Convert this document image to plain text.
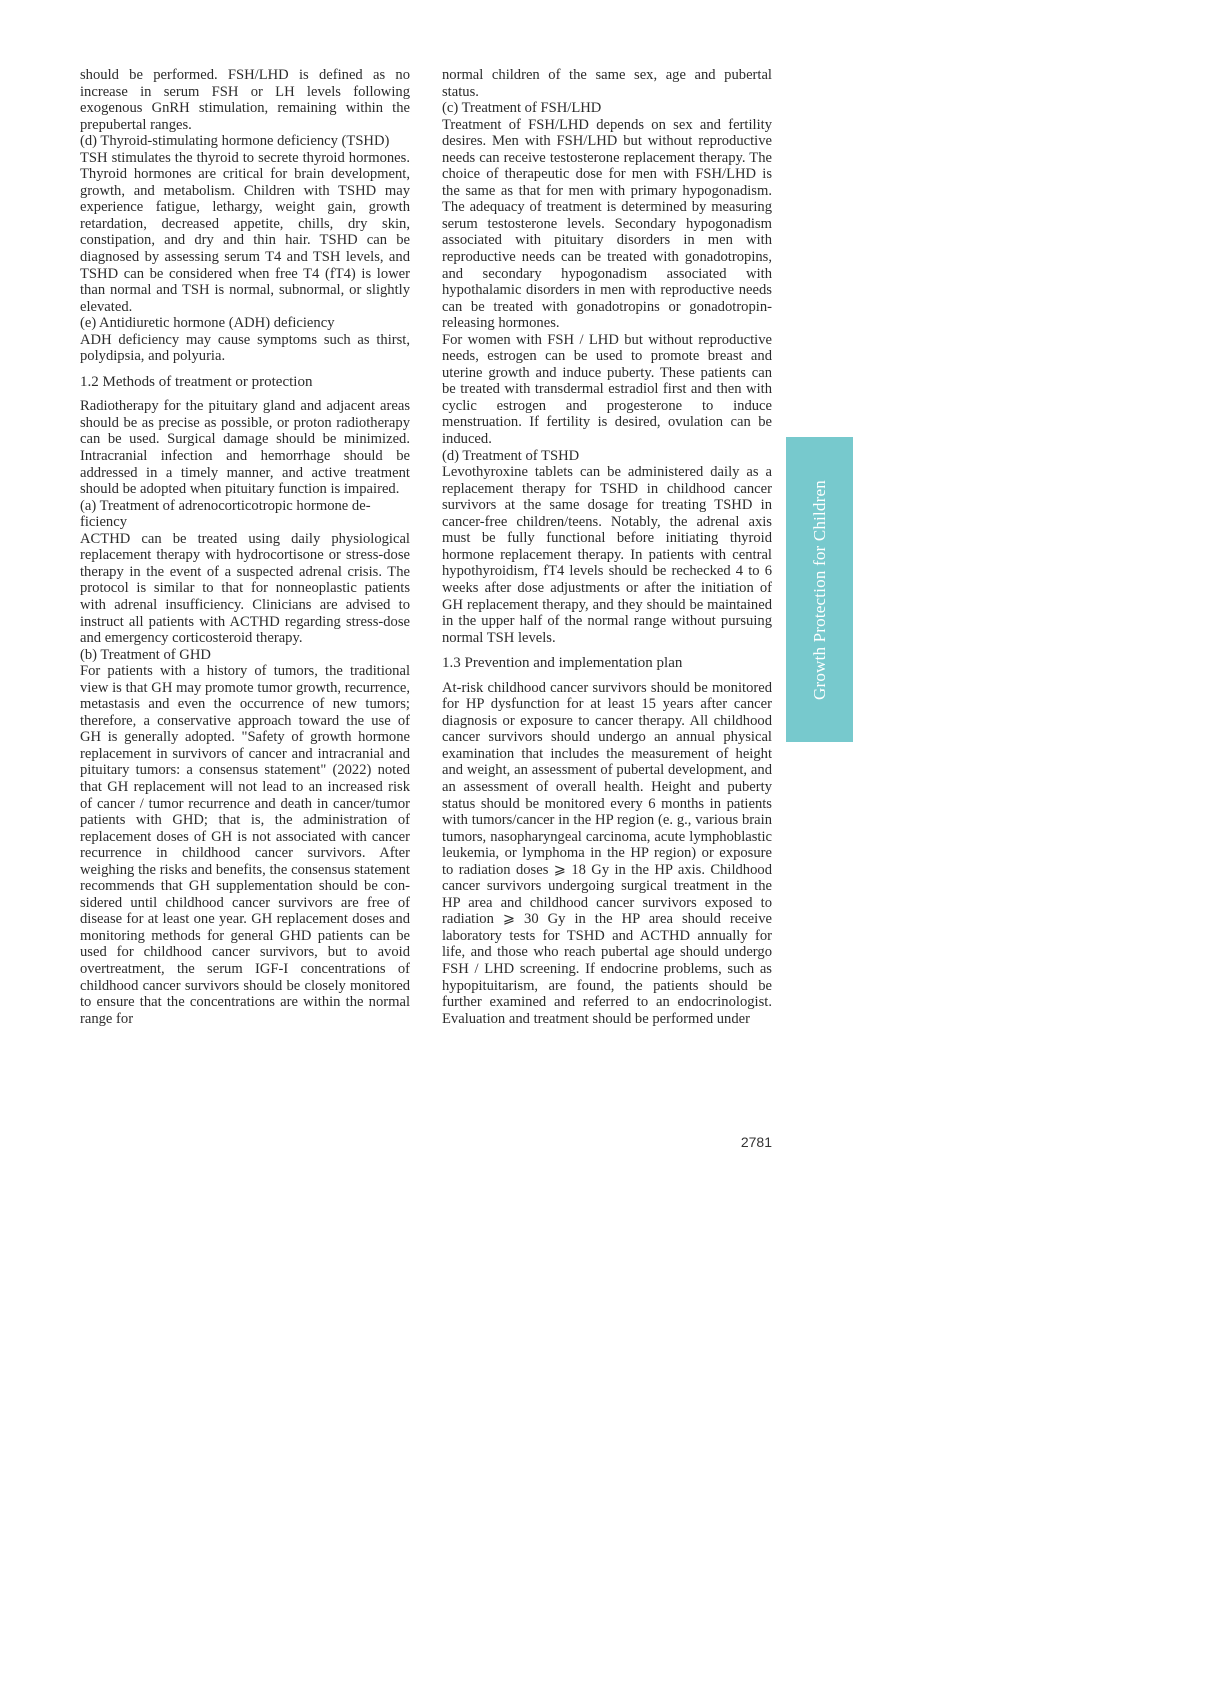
should be performed. FSH/LHD is defined as no increase in serum FSH or LH levels following exogenous GnRH stimulation, remaining within the prepubertal ranges.

(d) Thyroid-stimulating hormone deficiency (TSHD)

TSH stimulates the thyroid to secrete thyroid hormones. Thyroid hormones are critical for brain development, growth, and metabolism. Children with TSHD may experience fatigue, lethargy, weight gain, growth retardation, decreased appetite, chills, dry skin, constipation, and dry and thin hair. TSHD can be diagnosed by assessing serum T4 and TSH levels, and TSHD can be considered when free T4 (fT4) is lower than normal and TSH is normal, subnormal, or slightly elevated.

(e) Antidiuretic hormone (ADH) deficiency

ADH deficiency may cause symptoms such as thirst, polydipsia, and polyuria.

1.2 Methods of treatment or protection

Radiotherapy for the pituitary gland and adjacent areas should be as precise as possible, or proton radiotherapy can be used. Surgical damage should be minimized. Intracranial infection and hemorrhage should be addressed in a timely manner, and active treatment should be adopted when pituitary function is impaired.

(a) Treatment of adrenocorticotropic hormone deficiency

ACTHD can be treated using daily physiological replacement therapy with hydrocortisone or stress-dose therapy in the event of a suspected adrenal crisis. The protocol is similar to that for nonneoplastic patients with adrenal insufficiency. Clinicians are advised to instruct all patients with ACTHD regarding stress-dose and emergency corticosteroid therapy.

(b) Treatment of GHD

For patients with a history of tumors, the traditional view is that GH may promote tumor growth, recurrence, metastasis and even the occurrence of new tumors; therefore, a conservative approach toward the use of GH is generally adopted. "Safety of growth hormone replacement in survivors of cancer and intracranial and pituitary tumors: a consensus statement" (2022) noted that GH replacement will not lead to an increased risk of cancer / tumor recurrence and death in cancer/tumor patients with GHD; that is, the administration of replacement doses of GH is not associated with cancer recurrence in childhood cancer survivors. After weighing the risks and benefits, the consensus statement recommends that GH supplementation should be considered until childhood cancer survivors are free of disease for at least one year. GH replacement doses and monitoring methods for general GHD patients can be used for childhood cancer survivors, but to avoid overtreatment, the serum IGF-I concentrations of childhood cancer survivors should be closely monitored to ensure that the concentrations are within the normal range for

normal children of the same sex, age and pubertal status.

(c) Treatment of FSH/LHD

Treatment of FSH/LHD depends on sex and fertility desires. Men with FSH/LHD but without reproductive needs can receive testosterone replacement therapy. The choice of therapeutic dose for men with FSH/LHD is the same as that for men with primary hypogonadism. The adequacy of treatment is determined by measuring serum testosterone levels. Secondary hypogonadism associated with pituitary disorders in men with reproductive needs can be treated with gonadotropins, and secondary hypogonadism associated with hypothalamic disorders in men with reproductive needs can be treated with gonadotropins or gonadotropin-releasing hormones.

For women with FSH / LHD but without reproductive needs, estrogen can be used to promote breast and uterine growth and induce puberty. These patients can be treated with transdermal estradiol first and then with cyclic estrogen and progesterone to induce menstruation. If fertility is desired, ovulation can be induced.

(d) Treatment of TSHD

Levothyroxine tablets can be administered daily as a replacement therapy for TSHD in childhood cancer survivors at the same dosage for treating TSHD in cancer-free children/teens. Notably, the adrenal axis must be fully functional before initiating thyroid hormone replacement therapy. In patients with central hypothyroidism, fT4 levels should be rechecked 4 to 6 weeks after dose adjustments or after the initiation of GH replacement therapy, and they should be maintained in the upper half of the normal range without pursuing normal TSH levels.

1.3 Prevention and implementation plan

At-risk childhood cancer survivors should be monitored for HP dysfunction for at least 15 years after cancer diagnosis or exposure to cancer therapy. All childhood cancer survivors should undergo an annual physical examination that includes the measurement of height and weight, an assessment of pubertal development, and an assessment of overall health. Height and puberty status should be monitored every 6 months in patients with tumors/cancer in the HP region (e. g., various brain tumors, nasopharyngeal carcinoma, acute lymphoblastic leukemia, or lymphoma in the HP region) or exposure to radiation doses ⩾ 18 Gy in the HP axis. Childhood cancer survivors undergoing surgical treatment in the HP area and childhood cancer survivors exposed to radiation ⩾ 30 Gy in the HP area should receive laboratory tests for TSHD and ACTHD annually for life, and those who reach pubertal age should undergo FSH / LHD screening. If endocrine problems, such as hypopituitarism, are found, the patients should be further examined and referred to an endocrinologist. Evaluation and treatment should be performed under

2781
Growth Protection for Children
